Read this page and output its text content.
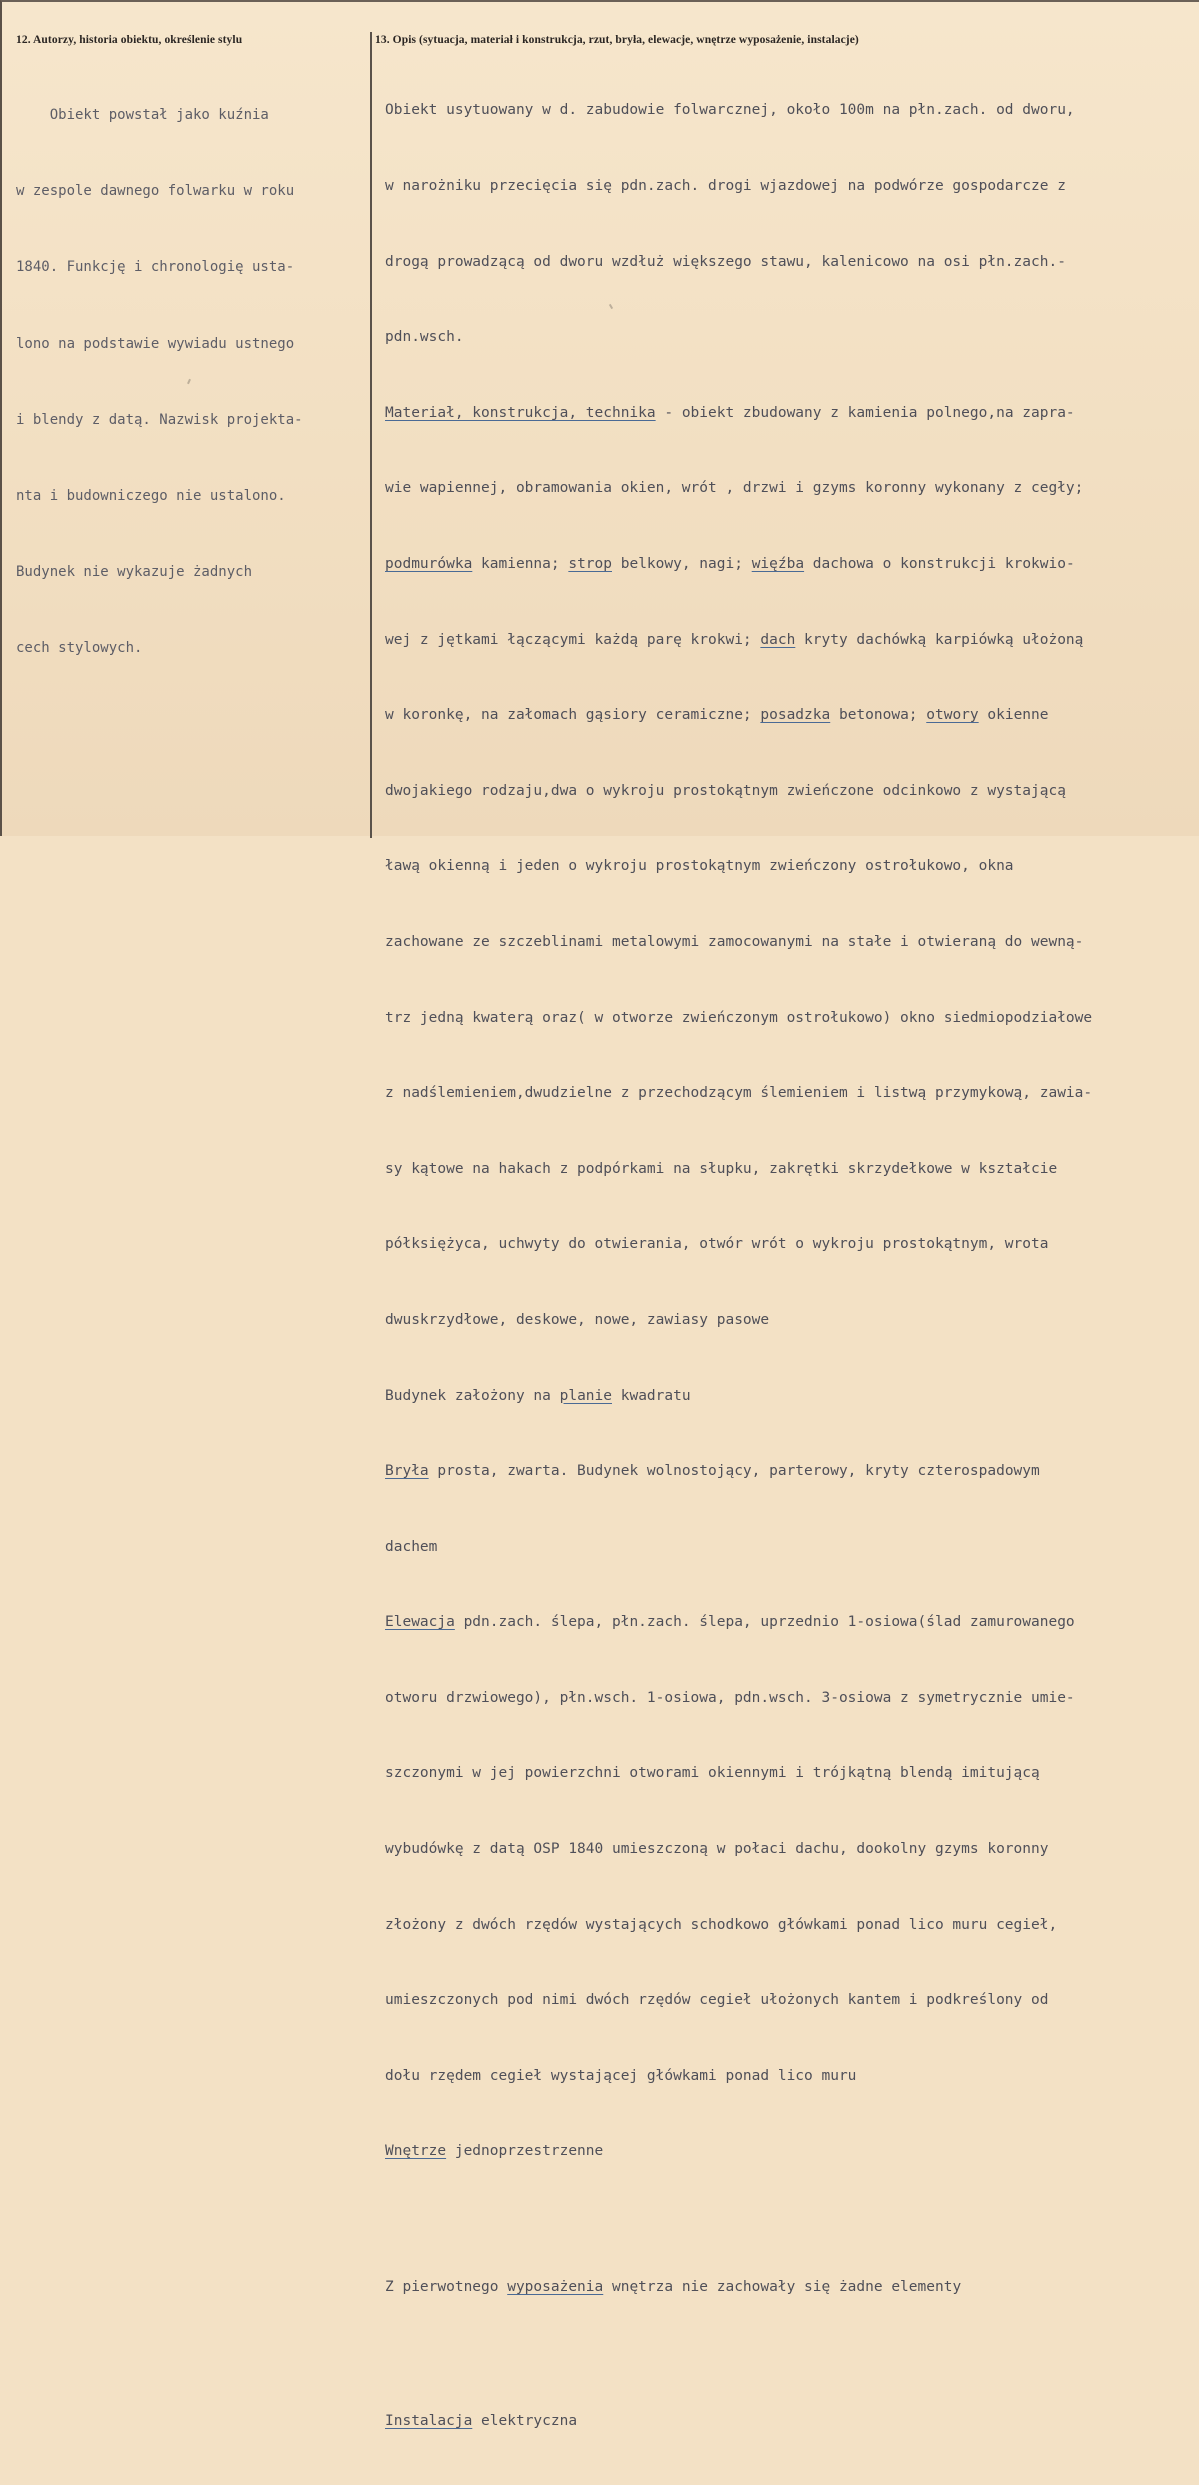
12. Autorzy, historia obiektu, określenie stylu

Obiekt powstał jako kuźnia

w zespole dawnego folwarku w roku

1840. Funkcję i chronologię usta-

lono na podstawie wywiadu ustnego

i blendy z datą. Nazwisk projekta-

nta i budowniczego nie ustalono.

Budynek nie wykazuje żadnych

cech stylowych.

13. Opis (sytuacja, materiał i konstrukcja, rzut, bryła, elewacje, wnętrze wyposażenie, instalacje)

Obiekt usytuowany w d. zabudowie folwarcznej, około 100m na płn.zach. od dworu,

w narożniku przecięcia się pdn.zach. drogi wjazdowej na podwórze gospodarcze z

drogą prowadzącą od dworu wzdłuż większego stawu, kalenicowo na osi płn.zach.-

pdn.wsch.

Materiał, konstrukcja, technika - obiekt zbudowany z kamienia polnego,na zapra-

wie wapiennej, obramowania okien, wrót , drzwi i gzyms koronny wykonany z cegły;

podmurówka kamienna; strop belkowy, nagi; więźba dachowa o konstrukcji krokwio-

wej z jętkami łączącymi każdą parę krokwi; dach kryty dachówką karpiówką ułożoną

w koronkę, na załomach gąsiory ceramiczne; posadzka betonowa; otwory okienne

dwojakiego rodzaju,dwa o wykroju prostokątnym zwieńczone odcinkowo z wystającą

ławą okienną i jeden o wykroju prostokątnym zwieńczony ostrołukowo, okna

zachowane ze szczeblinami metalowymi zamocowanymi na stałe i otwieraną do wewną-

trz jedną kwaterą oraz( w otworze zwieńczonym ostrołukowo) okno siedmiopodziałowe

z nadślemieniem,dwudzielne z przechodzącym ślemieniem i listwą przymykową, zawia-

sy kątowe na hakach z podpórkami na słupku, zakrętki skrzydełkowe w kształcie

półksiężyca, uchwyty do otwierania, otwór wrót o wykroju prostokątnym, wrota

dwuskrzydłowe, deskowe, nowe, zawiasy pasowe

Budynek założony na planie kwadratu

Bryła prosta, zwarta. Budynek wolnostojący, parterowy, kryty czterospadowym

dachem

Elewacja pdn.zach. ślepa, płn.zach. ślepa, uprzednio 1-osiowa(ślad zamurowanego

otworu drzwiowego), płn.wsch. 1-osiowa, pdn.wsch. 3-osiowa z symetrycznie umie-

szczonymi w jej powierzchni otworami okiennymi i trójkątną blendą imitującą

wybudówkę z datą OSP 1840 umieszczoną w połaci dachu, dookolny gzyms koronny

złożony z dwóch rzędów wystających schodkowo główkami ponad lico muru cegieł,

umieszczonych pod nimi dwóch rzędów cegieł ułożonych kantem i podkreślony od

dołu rzędem cegieł wystającej główkami ponad lico muru

Wnętrze jednoprzestrzenne

Z pierwotnego wyposażenia wnętrza nie zachowały się żadne elementy

Instalacja elektryczna
